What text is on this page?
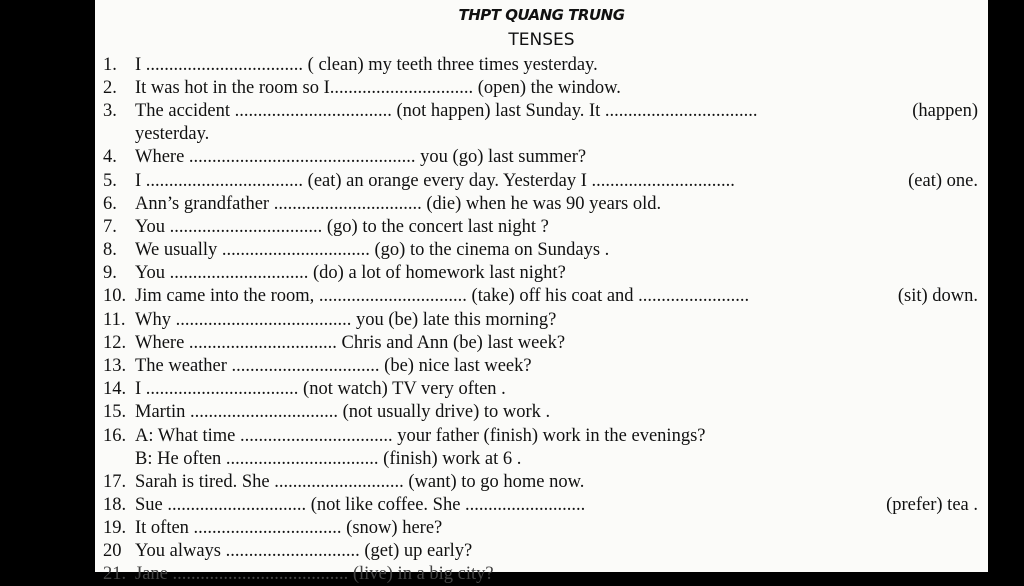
THPT QUANG TRUNG
TENSES
1. I .................................. ( clean) my teeth three times yesterday.
2. It was hot in the room so I............................... (open) the window.
3. The accident .................................. (not happen) last Sunday. It .................................	(happen)
yesterday.
4. Where ................................................. you (go) last summer?
5. I .................................. (eat) an orange every day. Yesterday I ...............................	(eat) one.
6. Ann’s grandfather ................................ (die) when he was 90 years old.
7. You ................................. (go) to the concert last night ?
8. We usually ................................ (go) to the cinema on Sundays .
9. You .............................. (do) a lot of homework last night?
10. Jim came into the room, ................................ (take) off his coat and ........................	(sit) down.
11. Why ...................................... you (be) late this morning?
12. Where ................................ Chris and Ann (be) last week?
13. The weather ................................ (be) nice last week?
14. I ................................. (not watch) TV very often .
15. Martin ................................ (not usually drive) to work .
16. A: What time ................................. your father (finish) work in the evenings?
B: He often ................................. (finish) work at 6 .
17. Sarah is tired. She ............................ (want) to go home now.
18. Sue .............................. (not like coffee. She ..........................	(prefer) tea .
19. It often ................................ (snow) here?
20 You always ............................. (get) up early?
21. Jane ...................................... (live) in a big city?
